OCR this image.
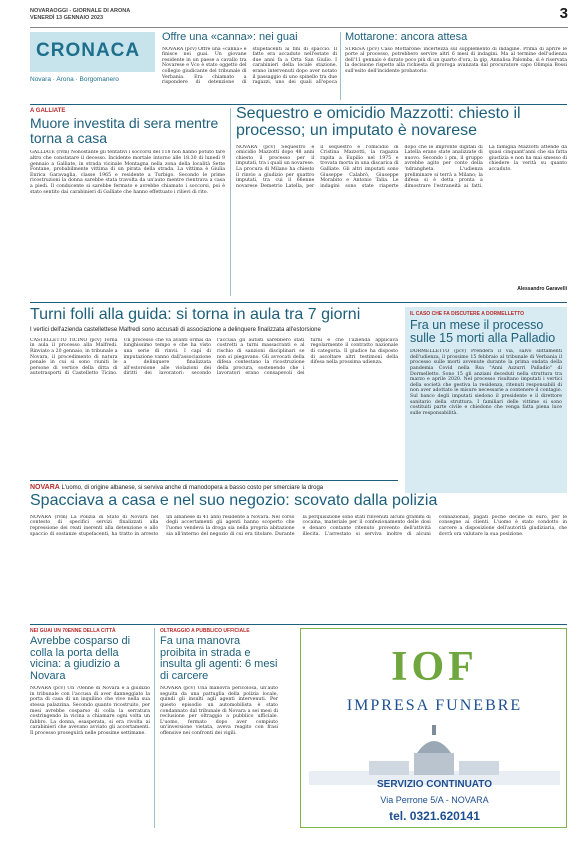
NOVARAOGGI - GIORNALE DI ARONA
VENERDÌ 13 GENNAIO 2023	3
CRONACA
Novara · Arona · Borgomanero
Offre una «canna»: nei guai
NOVARA (pcv) Offre una «canna» e finisce nei guai. Un giovane residente in un paese a cavallo tra Novarese e Vco è stato oggetto del collegio giudicante del tribunale di Verbania. Era chiamato a rispondere di detenzione di stupefacenti ai fini di spaccio. Il fatto era accaduto nell'estate di due anni fa a Orta San Giulio. I carabinieri della locale stazione, erano intervenuti dopo aver notato il passaggio di uno spinello tra due ragazzi, uno dei quali all'epoca
Mottarone: ancora attesa
STRESA (pcv) Caso Mottarone: incertezza sul supplemento di indagine. Prima di aprire le porte al processo, potrebbero servire altri 6 mesi di indagini. Ma al termine dell'udienza dell'11 gennaio è durato poco più di un quarto d'ora, la gip, Annalisa Palomba, si è riservata la decisione rispetto alla richiesta di proroga avanzata dal procuratore capo Olimpia Bossi sull'esito dell'incidente probatorio.
A GALLIATE
Muore investita di sera mentre torna a casa
GALLIATE (rvm) Nonostante gli tentativi i soccorsi del 118 non hanno potuto fare altro che constatare il decesso. Incidente mortale intorno alle 18.30 di lunedì 9 gennaio a Galliate, in strada vicinale Montagna nella zona della località Sette Fontane, probabilmente vittima di un pirata della strada. La vittima è Giulia Enrica Garavaglia, classe 1965 e residente a Turbigo. Secondo le prime ricostruzioni la donna sarebbe stata travolta da un'auto mentre rientrava a casa a piedi. Il conducente si sarebbe fermato e avrebbe chiamato i soccorsi, poi è stato sentito dai carabinieri di Galliate che hanno effettuato i rilievi di rito.
Sequestro e omicidio Mazzotti: chiesto il processo; un imputato è novarese
NOVARA (pcv) Sequestro e omicidio Mazzotti dopo 48 anni chiesto il processo per il imputati, tra i quali un novarese. La procura di Milano ha chiesto il rinvio a giudizio per quattro imputati, tra cui il 66enne novarese Demetrio Latella, per il sequestro e l'omicidio di Cristina Mazzotti, la ragazza rapita a Eupilio nel 1975 e trovata morta in una discarica di Galliate. Gli altri imputati sono Giuseppe Calabrò, Giuseppe Morabito e Antonio Talia. Le indagini sono state riaperte dopo che le impronte digitali di Latella erano state analizzate di nuovo. Secondo i pm, il gruppo avrebbe agito per conto della 'ndrangheta. L'udienza preliminare si terrà a Milano; la difesa si è detta pronta a dimostrare l'estraneità ai fatti. La famiglia Mazzotti attende da quasi cinquant'anni che sia fatta giustizia e non ha mai smesso di chiedere la verità su quanto accaduto.
Alessandro Garavelli
Turni folli alla guida: si torna in aula tra 7 giorni
I vertici dell'azienda castellettese Malfredi sono accusati di associazione a delinquere finalizzata all'estorsione
CASTELLETTO TICINO (pcv) Torna in aula il processo alla Malfredi. Rinviato a 20 gennaio, in tribunale a Novara, il procedimento di natura penale in cui si sono riuniti le persone di vertice della ditta di autotrasporti di Castelletto Ticino. Un processo che va avanti ormai da lunghissimo tempo e che ha visto una serie di rinvii. I capi di imputazione vanno dall'associazione a delinquere finalizzata all'estorsione alle violazioni dei diritti dei lavoratori: secondo l'accusa gli autisti sarebbero stati costretti a turni massacranti e al rischio di sanzioni disciplinari se non si piegavano. Gli avvocati della difesa contestano la ricostruzione della procura, sostenendo che i lavoratori erano consapevoli dei turni e che l'azienda applicava regolarmente il contratto nazionale di categoria. Il giudice ha disposto di ascoltare altri testimoni della difesa nella prossima udienza.
IL CASO CHE FA DISCUTERE A DORMELLETTO
Fra un mese il processo sulle 15 morti alla Palladio
DORMELLETTO (pcv) Prenderà il via, salvo slittamenti dell'udienza, il prossimo 15 febbraio al tribunale di Verbania il processo sulle morti avvenute durante la prima ondata della pandemia Covid nella Rsa "Anni Azzurri Palladio" di Dormelletto. Sono 15 gli anziani deceduti nella struttura tra marzo e aprile 2020. Nel processo risultano imputati i vertici della società che gestiva la residenza, ritenuti responsabili di non aver adottato le misure necessarie a contenere il contagio. Sul banco degli imputati siedono il presidente e il direttore sanitario della struttura. I familiari delle vittime si sono costituiti parte civile e chiedono che venga fatta piena luce sulle responsabilità.
NOVARA L'uomo, di origine albanese, si serviva anche di manodopera a basso costo per smerciare la droga
Spacciava a casa e nel suo negozio: scovato dalla polizia
NOVARA (rvm) La Polizia di Stato di Novara nel contesto di specifici servizi finalizzati alla repressione dei reati inerenti alla detenzione e allo spaccio di sostanze stupefacenti, ha tratto in arresto un albanese di 41 anni residente a Novara. Nel corso degli accertamenti gli agenti hanno scoperto che l'uomo vendeva la droga sia nella propria abitazione sia all'interno del negozio di cui era titolare. Durante la perquisizione sono stati rinvenuti alcuni grammi di cocaina, materiale per il confezionamento delle dosi e denaro contante ritenuto provento dell'attività illecita. L'arrestato si serviva inoltre di alcuni connazionali, pagati poche decine di euro, per le consegne ai clienti. L'uomo è stato condotto in carcere a disposizione dell'autorità giudiziaria, che dovrà ora valutare la sua posizione.
NEI GUAI UN 70ENNE DELLA CITTÀ
Avrebbe cosparso di colla la porta della vicina: a giudizio a Novara
NOVARA (pcv) Un 70enne di Novara è a giudizio in tribunale con l'accusa di aver danneggiato la porta di casa di un inquilino che vive nella sua stessa palazzina. Secondo quanto ricostruito, per mesi avrebbe cosparso di colla la serratura costringendo la vicina a chiamare ogni volta un fabbro. La donna, esasperata, si era rivolta ai carabinieri che avevano avviato gli accertamenti. Il processo proseguirà nelle prossime settimane.
OLTRAGGIO A PUBBLICO UFFICIALE
Fa una manovra proibita in strada e insulta gli agenti: 6 mesi di carcere
NOVARA (pcv) Una manovra pericolosa, un'auto seguita da una pattuglia della polizia locale, quindi gli insulti agli agenti intervenuti. Per questo episodio un automobilista è stato condannato dal tribunale di Novara a sei mesi di reclusione per oltraggio a pubblico ufficiale. L'uomo, fermato dopo aver compiuto un'inversione vietata, aveva reagito con frasi offensive nei confronti dei vigili.
IOF
IMPRESA FUNEBRE
SERVIZIO CONTINUATO
Via Perrone 5/A - NOVARA
tel. 0321.620141
